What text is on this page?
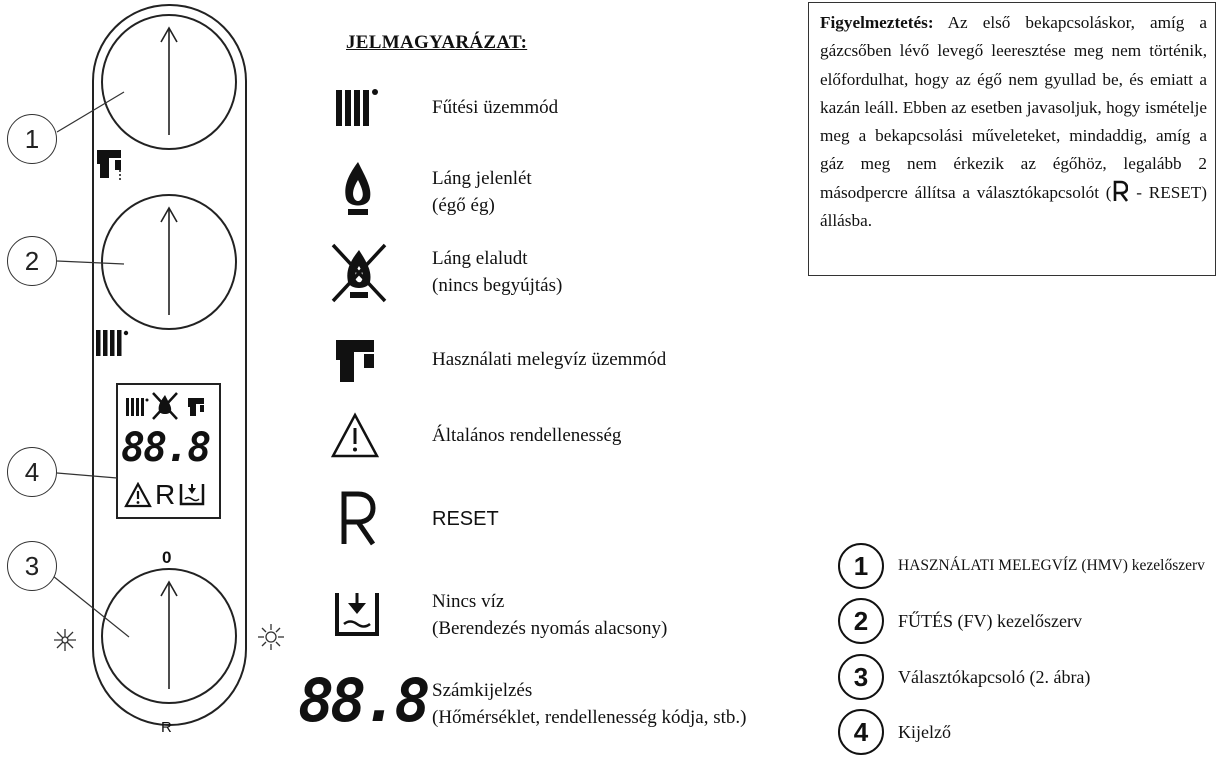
88.8
R
0
R
1
2
4
3
JELMAGYARÁZAT:
88.8
Fűtési üzemmód
Láng jelenlét
(égő ég)
Láng elaludt
(nincs begyújtás)
Használati melegvíz üzemmód
Általános rendellenesség
RESET
Nincs víz
(Berendezés nyomás alacsony)
Számkijelzés
(Hőmérséklet, rendellenesség kódja, stb.)
Figyelmeztetés: Az első bekapcsoláskor, amíg a gázcsőben lévő levegő leeresztése meg nem történik, előfordulhat, hogy az égő nem gyullad be, és emiatt a kazán leáll. Ebben az esetben javasoljuk, hogy ismételje meg a bekapcsolási műveleteket, mindaddig, amíg a gáz meg nem érkezik az égőhöz, legalább 2 másodpercre állítsa a választókapcsolót ( - RESET) állásba.
1	HASZNÁLATI MELEGVÍZ (HMV) kezelőszerv
2	FŰTÉS (FV) kezelőszerv
3	Választókapcsoló (2. ábra)
4	Kijelző
